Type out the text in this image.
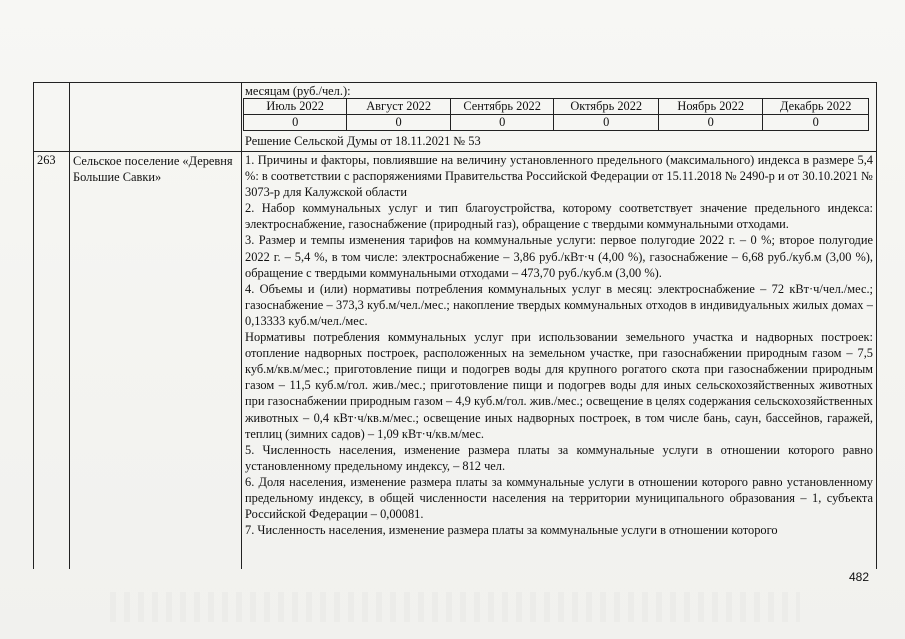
месяцам (руб./чел.):
Июль 2022	Август 2022	Сентябрь 2022	Октябрь 2022	Ноябрь 2022	Декабрь 2022
0	0	0	0	0	0
Решение Сельской Думы от 18.11.2021 № 53
263 Сельское поселение «Деревня Большие Савки»

1. Причины и факторы, повлиявшие на величину установленного предельного (максимального) индекса в размере 5,4 %: в соответствии с распоряжениями Правительства Российской Федерации от 15.11.2018 № 2490-р и от 30.10.2021 № 3073-р для Калужской области

2. Набор коммунальных услуг и тип благоустройства, которому соответствует значение предельного индекса: электроснабжение, газоснабжение (природный газ), обращение с твердыми коммунальными отходами.

3. Размер и темпы изменения тарифов на коммунальные услуги: первое полугодие 2022 г. – 0 %; второе полугодие 2022 г. – 5,4 %, в том числе: электроснабжение – 3,86 руб./кВт·ч (4,00 %), газоснабжение – 6,68 руб./куб.м (3,00 %), обращение с твердыми коммунальными отходами – 473,70 руб./куб.м (3,00 %).

4. Объемы и (или) нормативы потребления коммунальных услуг в месяц: электроснабжение – 72 кВт·ч/чел./мес.; газоснабжение – 373,3 куб.м/чел./мес.; накопление твердых коммунальных отходов в индивидуальных жилых домах – 0,13333 куб.м/чел./мес.

Нормативы потребления коммунальных услуг при использовании земельного участка и надворных построек: отопление надворных построек, расположенных на земельном участке, при газоснабжении природным газом – 7,5 куб.м/кв.м/мес.; приготовление пищи и подогрев воды для крупного рогатого скота при газоснабжении природным газом – 11,5 куб.м/гол. жив./мес.; приготовление пищи и подогрев воды для иных сельскохозяйственных животных при газоснабжении природным газом – 4,9 куб.м/гол. жив./мес.; освещение в целях содержания сельскохозяйственных животных – 0,4 кВт·ч/кв.м/мес.; освещение иных надворных построек, в том числе бань, саун, бассейнов, гаражей, теплиц (зимних садов) – 1,09 кВт·ч/кв.м/мес.

5. Численность населения, изменение размера платы за коммунальные услуги в отношении которого равно установленному предельному индексу, – 812 чел.

6. Доля населения, изменение размера платы за коммунальные услуги в отношении которого равно установленному предельному индексу, в общей численности населения на территории муниципального образования – 1, субъекта Российской Федерации – 0,00081.

7. Численность населения, изменение размера платы за коммунальные услуги в отношении которого

482
